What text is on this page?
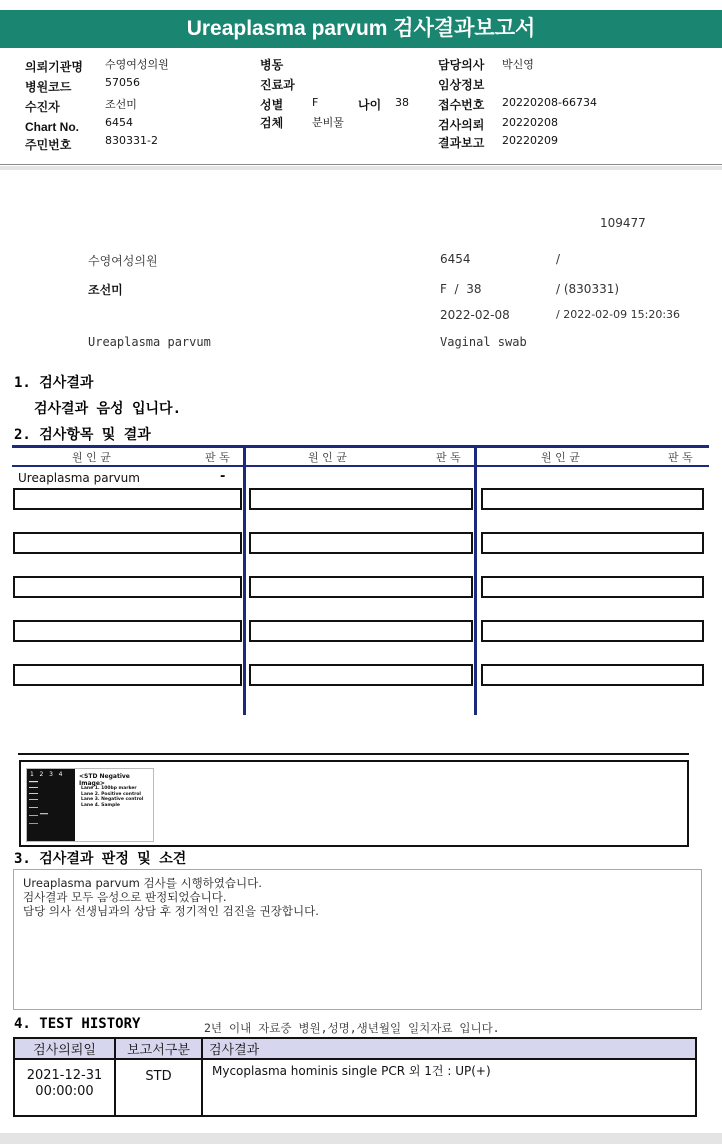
Ureaplasma parvum 검사결과보고서
의뢰기관명 수영여성의원
병원코드	57056
수진자	조선미
Chart No. 6454
주민번호	830331-2
병동
진료과
성별	F	나이 38
검체	분비물
담당의사 박신영
임상정보
접수번호 20220208-66734
검사의뢰 20220208
결과보고 20220209
109477
수영여성의원	6454	/
조선미	F  /  38	/ (830331)
2022-02-08	/ 2022-02-09 15:20:36
Ureaplasma parvum	Vaginal swab
1. 검사결과
검사결과 음성 입니다.
2. 검사항목 및 결과
원 인 균	판 독	원 인 균	판 독	원 인 균	판 독
Ureaplasma parvum	-
1   2   3   4	<STD Negative Image>
Lane 1. 100bp marker
Lane 2. Positive control
Lane 3. Negative control
Lane 4. Sample
3. 검사결과 판정 및 소견
Ureaplasma parvum 검사를 시행하였습니다.
검사결과 모두 음성으로 판정되었습니다.
담당 의사 선생님과의 상담 후 정기적인 검진을 권장합니다.
4. TEST HISTORY	2년 이내 자료중 병원,성명,생년월일 일치자료 입니다.
검사의뢰일	보고서구분	검사결과

2021-12-31
00:00:00	STD	Mycoplasma hominis single PCR 외 1건 : UP(+)
